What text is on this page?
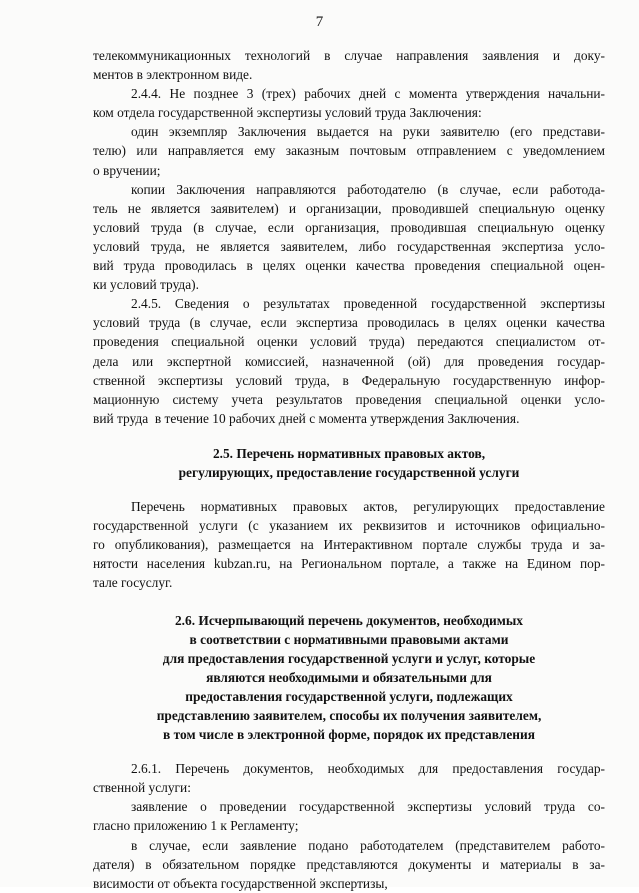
7
телекоммуникационных технологий в случае направления заявления и доку-
ментов в электронном виде.
2.4.4. Не позднее 3 (трех) рабочих дней с момента утверждения начальни-
ком отдела государственной экспертизы условий труда Заключения:
один экземпляр Заключения выдается на руки заявителю (его представи-
телю) или направляется ему заказным почтовым отправлением с уведомлением
о вручении;
копии Заключения направляются работодателю (в случае, если работода-
тель не является заявителем) и организации, проводившей специальную оценку
условий труда (в случае, если организация, проводившая специальную оценку
условий труда, не является заявителем, либо государственная экспертиза усло-
вий труда проводилась в целях оценки качества проведения специальной оцен-
ки условий труда).
2.4.5. Сведения о результатах проведенной государственной экспертизы
условий труда (в случае, если экспертиза проводилась в целях оценки качества
проведения специальной оценки условий труда) передаются специалистом от-
дела или экспертной комиссией, назначенной (ой) для проведения государ-
ственной экспертизы условий труда, в Федеральную государственную инфор-
мационную систему учета результатов проведения специальной оценки усло-
вий труда  в течение 10 рабочих дней с момента утверждения Заключения.
2.5. Перечень нормативных правовых актов,
регулирующих, предоставление государственной услуги
Перечень нормативных правовых актов, регулирующих предоставление
государственной услуги (с указанием их реквизитов и источников официально-
го опубликования), размещается на Интерактивном портале службы труда и за-
нятости населения kubzan.ru, на Региональном портале, а также на Едином пор-
тале госуслуг.
2.6. Исчерпывающий перечень документов, необходимых
в соответствии с нормативными правовыми актами
для предоставления государственной услуги и услуг, которые
являются необходимыми и обязательными для
предоставления государственной услуги, подлежащих
представлению заявителем, способы их получения заявителем,
в том числе в электронной форме, порядок их представления
2.6.1. Перечень документов, необходимых для предоставления государ-
ственной услуги:
заявление о проведении государственной экспертизы условий труда со-
гласно приложению 1 к Регламенту;
в случае, если заявление подано работодателем (представителем работо-
дателя) в обязательном порядке представляются документы и материалы в за-
висимости от объекта государственной экспертизы,
